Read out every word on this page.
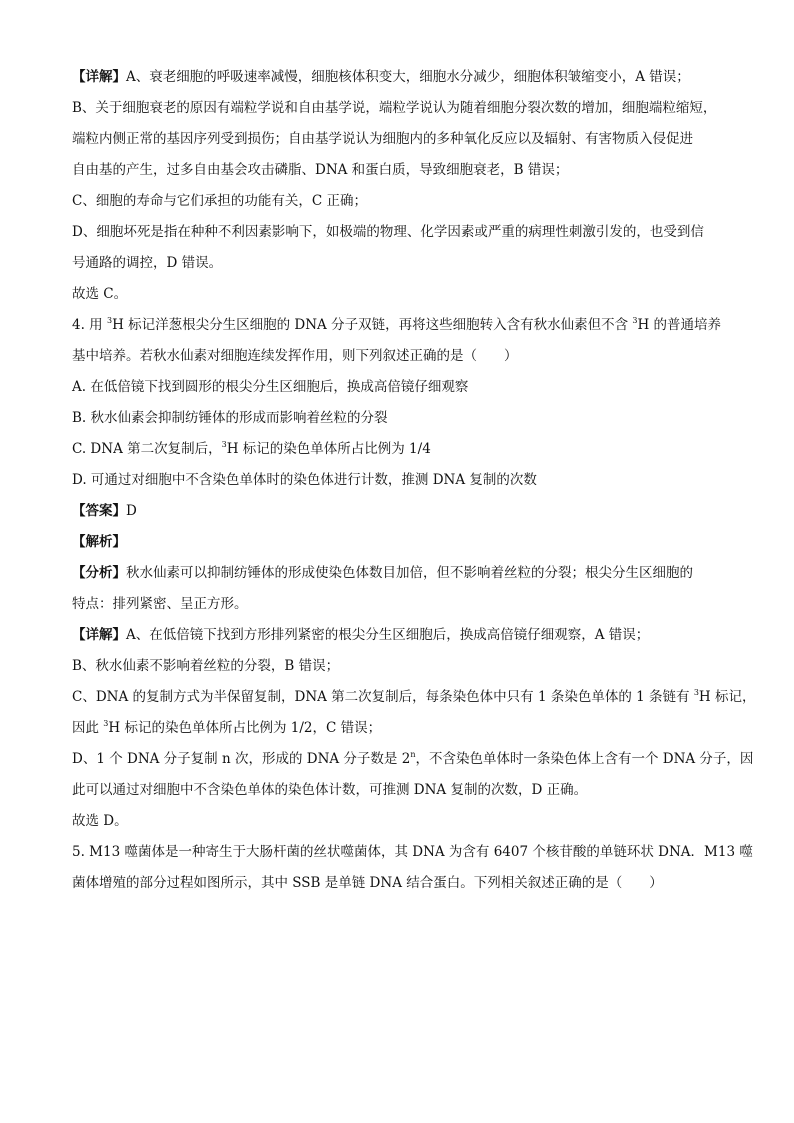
【详解】A、衰老细胞的呼吸速率减慢，细胞核体积变大，细胞水分减少，细胞体积皱缩变小，A 错误；
B、关于细胞衰老的原因有端粒学说和自由基学说，端粒学说认为随着细胞分裂次数的增加，细胞端粒缩短，
端粒内侧正常的基因序列受到损伤；自由基学说认为细胞内的多种氧化反应以及辐射、有害物质入侵促进
自由基的产生，过多自由基会攻击磷脂、DNA 和蛋白质，导致细胞衰老，B 错误；
C、细胞的寿命与它们承担的功能有关，C 正确；
D、细胞坏死是指在种种不利因素影响下，如极端的物理、化学因素或严重的病理性刺激引发的，也受到信
号通路的调控，D 错误。
故选 C。
4. 用 $^3$H 标记洋葱根尖分生区细胞的 DNA 分子双链，再将这些细胞转入含有秋水仙素但不含 $^3$H 的普通培养
基中培养。若秋水仙素对细胞连续发挥作用，则下列叙述正确的是（　　）
A. 在低倍镜下找到圆形的根尖分生区细胞后，换成高倍镜仔细观察
B. 秋水仙素会抑制纺锤体的形成而影响着丝粒的分裂
C. DNA 第二次复制后，$^3$H 标记的染色单体所占比例为 1/4
D. 可通过对细胞中不含染色单体时的染色体进行计数，推测 DNA 复制的次数
【答案】D
【解析】
【分析】秋水仙素可以抑制纺锤体的形成使染色体数目加倍，但不影响着丝粒的分裂；根尖分生区细胞的
特点：排列紧密、呈正方形。
【详解】A、在低倍镜下找到方形排列紧密的根尖分生区细胞后，换成高倍镜仔细观察，A 错误；
B、秋水仙素不影响着丝粒的分裂，B 错误；
C、DNA 的复制方式为半保留复制，DNA 第二次复制后，每条染色体中只有 1 条染色单体的 1 条链有 $^3$H 标记，
因此 $^3$H 标记的染色单体所占比例为 1/2，C 错误；
D、1 个 DNA 分子复制 n 次，形成的 DNA 分子数是 2$^n$，不含染色单体时一条染色体上含有一个 DNA 分子，因
此可以通过对细胞中不含染色单体的染色体计数，可推测 DNA 复制的次数，D 正确。
故选 D。
5. M13 噬菌体是一种寄生于大肠杆菌的丝状噬菌体，其 DNA 为含有 6407 个核苷酸的单链环状 DNA．M13 噬
菌体增殖的部分过程如图所示，其中 SSB 是单链 DNA 结合蛋白。下列相关叙述正确的是（　　）
